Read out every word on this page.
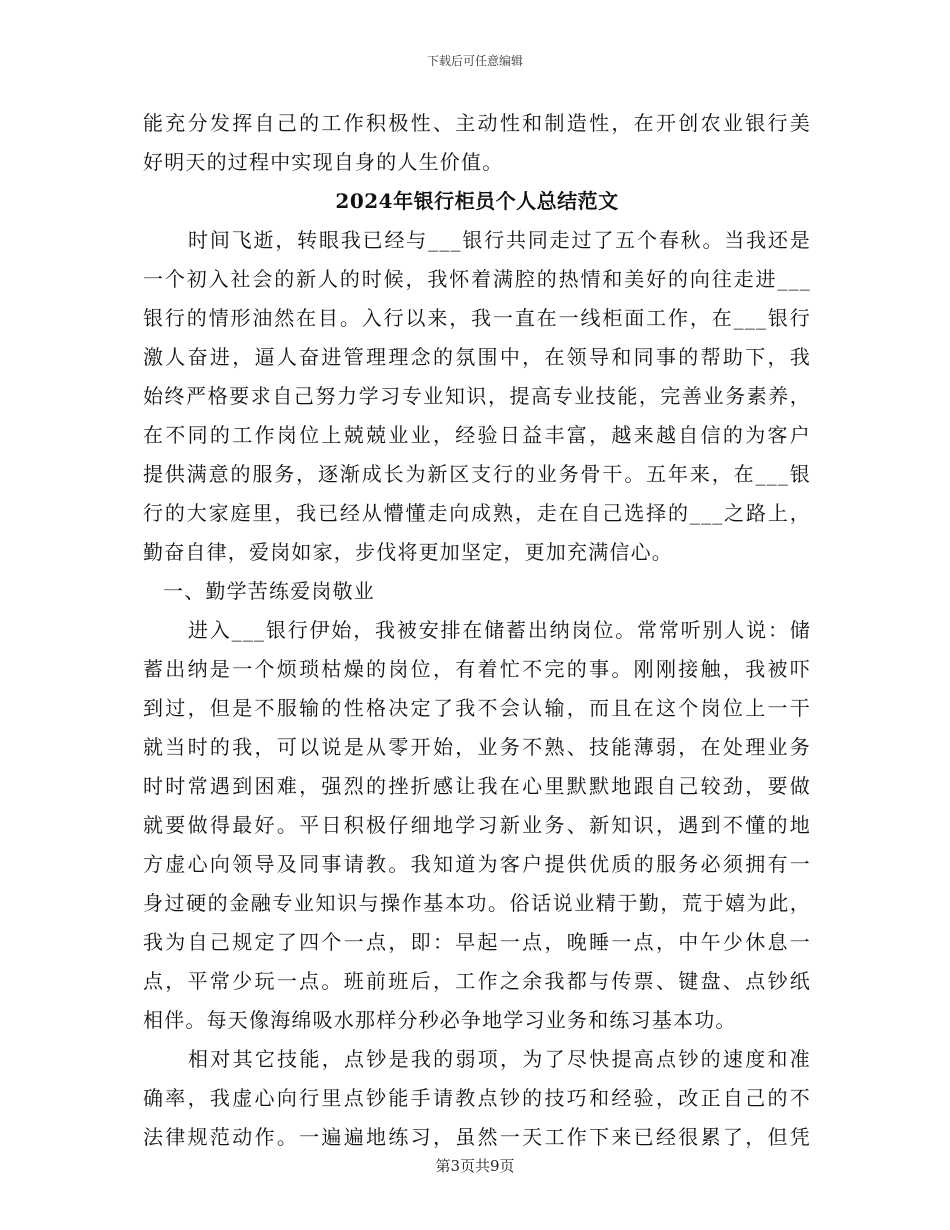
下载后可任意编辑
能充分发挥自己的工作积极性、主动性和制造性，在开创农业银行美
好明天的过程中实现自身的人生价值。
2024年银行柜员个人总结范文
时间飞逝，转眼我已经与___银行共同走过了五个春秋。当我还是
一个初入社会的新人的时候，我怀着满腔的热情和美好的向往走进___
银行的情形油然在目。入行以来，我一直在一线柜面工作，在___银行
激人奋进，逼人奋进管理理念的氛围中，在领导和同事的帮助下，我
始终严格要求自己努力学习专业知识，提高专业技能，完善业务素养，
在不同的工作岗位上兢兢业业，经验日益丰富，越来越自信的为客户
提供满意的服务，逐渐成长为新区支行的业务骨干。五年来，在___银
行的大家庭里，我已经从懵懂走向成熟，走在自己选择的___之路上，
勤奋自律，爱岗如家，步伐将更加坚定，更加充满信心。
一、勤学苦练爱岗敬业
进入___银行伊始，我被安排在储蓄出纳岗位。常常听别人说：储
蓄出纳是一个烦琐枯燥的岗位，有着忙不完的事。刚刚接触，我被吓
到过，但是不服输的性格决定了我不会认输，而且在这个岗位上一干
就当时的我，可以说是从零开始，业务不熟、技能薄弱，在处理业务
时时常遇到困难，强烈的挫折感让我在心里默默地跟自己较劲，要做
就要做得最好。平日积极仔细地学习新业务、新知识，遇到不懂的地
方虚心向领导及同事请教。我知道为客户提供优质的服务必须拥有一
身过硬的金融专业知识与操作基本功。俗话说业精于勤，荒于嬉为此，
我为自己规定了四个一点，即：早起一点，晚睡一点，中午少休息一
点，平常少玩一点。班前班后，工作之余我都与传票、键盘、点钞纸
相伴。每天像海绵吸水那样分秒必争地学习业务和练习基本功。
相对其它技能，点钞是我的弱项，为了尽快提高点钞的速度和准
确率，我虚心向行里点钞能手请教点钞的技巧和经验，改正自己的不
法律规范动作。一遍遍地练习，虽然一天工作下来已经很累了，但凭
第3页共9页
